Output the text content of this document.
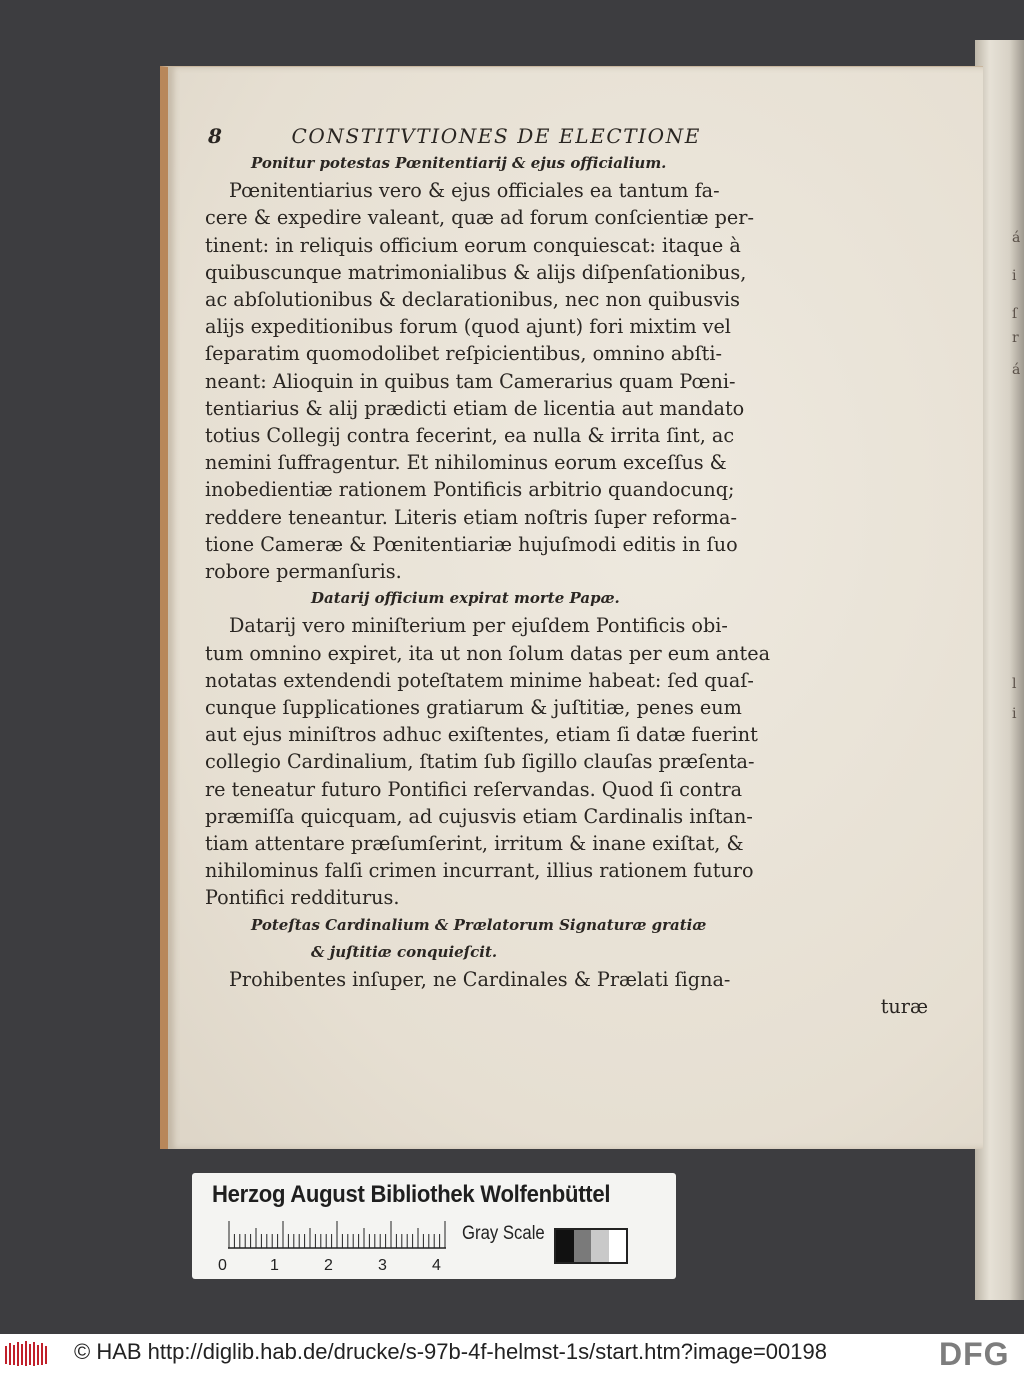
á
i
ſ
r
á
l
i
8	CONSTITVTIONES DE ELECTIONE
Ponitur potestas Pœnitentiarij & ejus officialium.
Pœnitentiarius vero & ejus officiales ea tantum fa-
cere & expedire valeant, quæ ad forum conſcientiæ per-
tinent: in reliquis officium eorum conquiescat: itaque à
quibuscunque matrimonialibus & alijs diſpenſationibus,
ac abſolutionibus & declarationibus, nec non quibusvis
alijs expeditionibus forum (quod ajunt) fori mixtim vel
ſeparatim quomodolibet reſpicientibus, omnino abſti-
neant: Alioquin in quibus tam Camerarius quam Pœni-
tentiarius & alij prædicti etiam de licentia aut mandato
totius Collegij contra fecerint, ea nulla & irrita ſint, ac
nemini ſuffragentur. Et nihilominus eorum exceſſus &
inobedientiæ rationem Pontificis arbitrio quandocunq;
reddere teneantur. Literis etiam noſtris ſuper reforma-
tione Cameræ & Pœnitentiariæ hujuſmodi editis in ſuo
robore permanſuris.
Datarij officium expirat morte Papæ.
Datarij vero miniſterium per ejuſdem Pontificis obi-
tum omnino expiret, ita ut non ſolum datas per eum antea
notatas extendendi poteſtatem minime habeat: ſed quaſ-
cunque ſupplicationes gratiarum & juſtitiæ, penes eum
aut ejus miniſtros adhuc exiſtentes, etiam ſi datæ fuerint
collegio Cardinalium, ſtatim ſub ſigillo clauſas præſenta-
re teneatur futuro Pontifici reſervandas. Quod ſi contra
præmiſſa quicquam, ad cujusvis etiam Cardinalis inſtan-
tiam attentare præſumſerint, irritum & inane exiſtat, &
nihilominus falſi crimen incurrant, illius rationem futuro
Pontifici redditurus.
Poteſtas Cardinalium & Prælatorum Signaturæ gratiæ
& juſtitiæ conquieſcit.
Prohibentes inſuper, ne Cardinales & Prælati ſigna-
turæ
Herzog August Bibliothek Wolfenbüttel
0	1	2	3	4
Gray Scale
© HAB http://diglib.hab.de/drucke/s-97b-4f-helmst-1s/start.htm?image=00198	DFG
